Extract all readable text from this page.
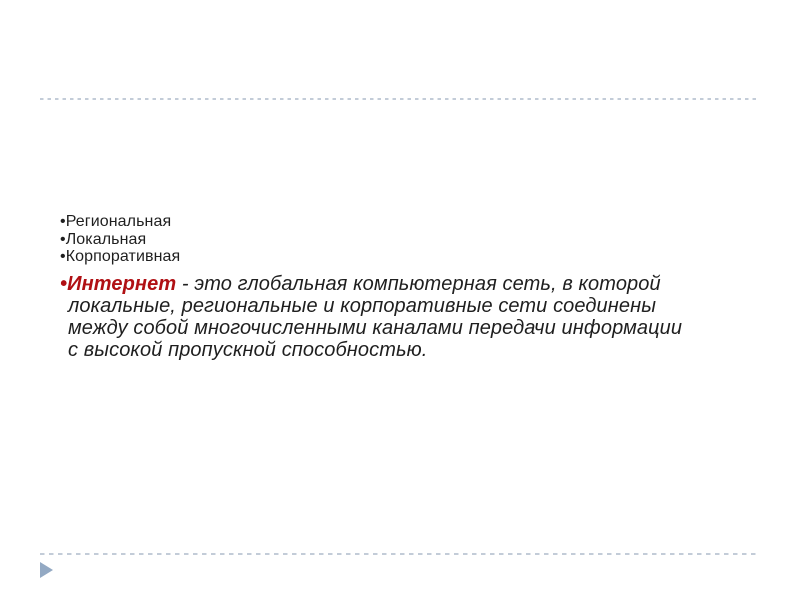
•Региональная
•Локальная
•Корпоративная
•Интернет - это глобальная компьютерная сеть, в которой
локальные, региональные и корпоративные сети соединены
между собой многочисленными каналами передачи информации
с высокой пропускной способностью.
